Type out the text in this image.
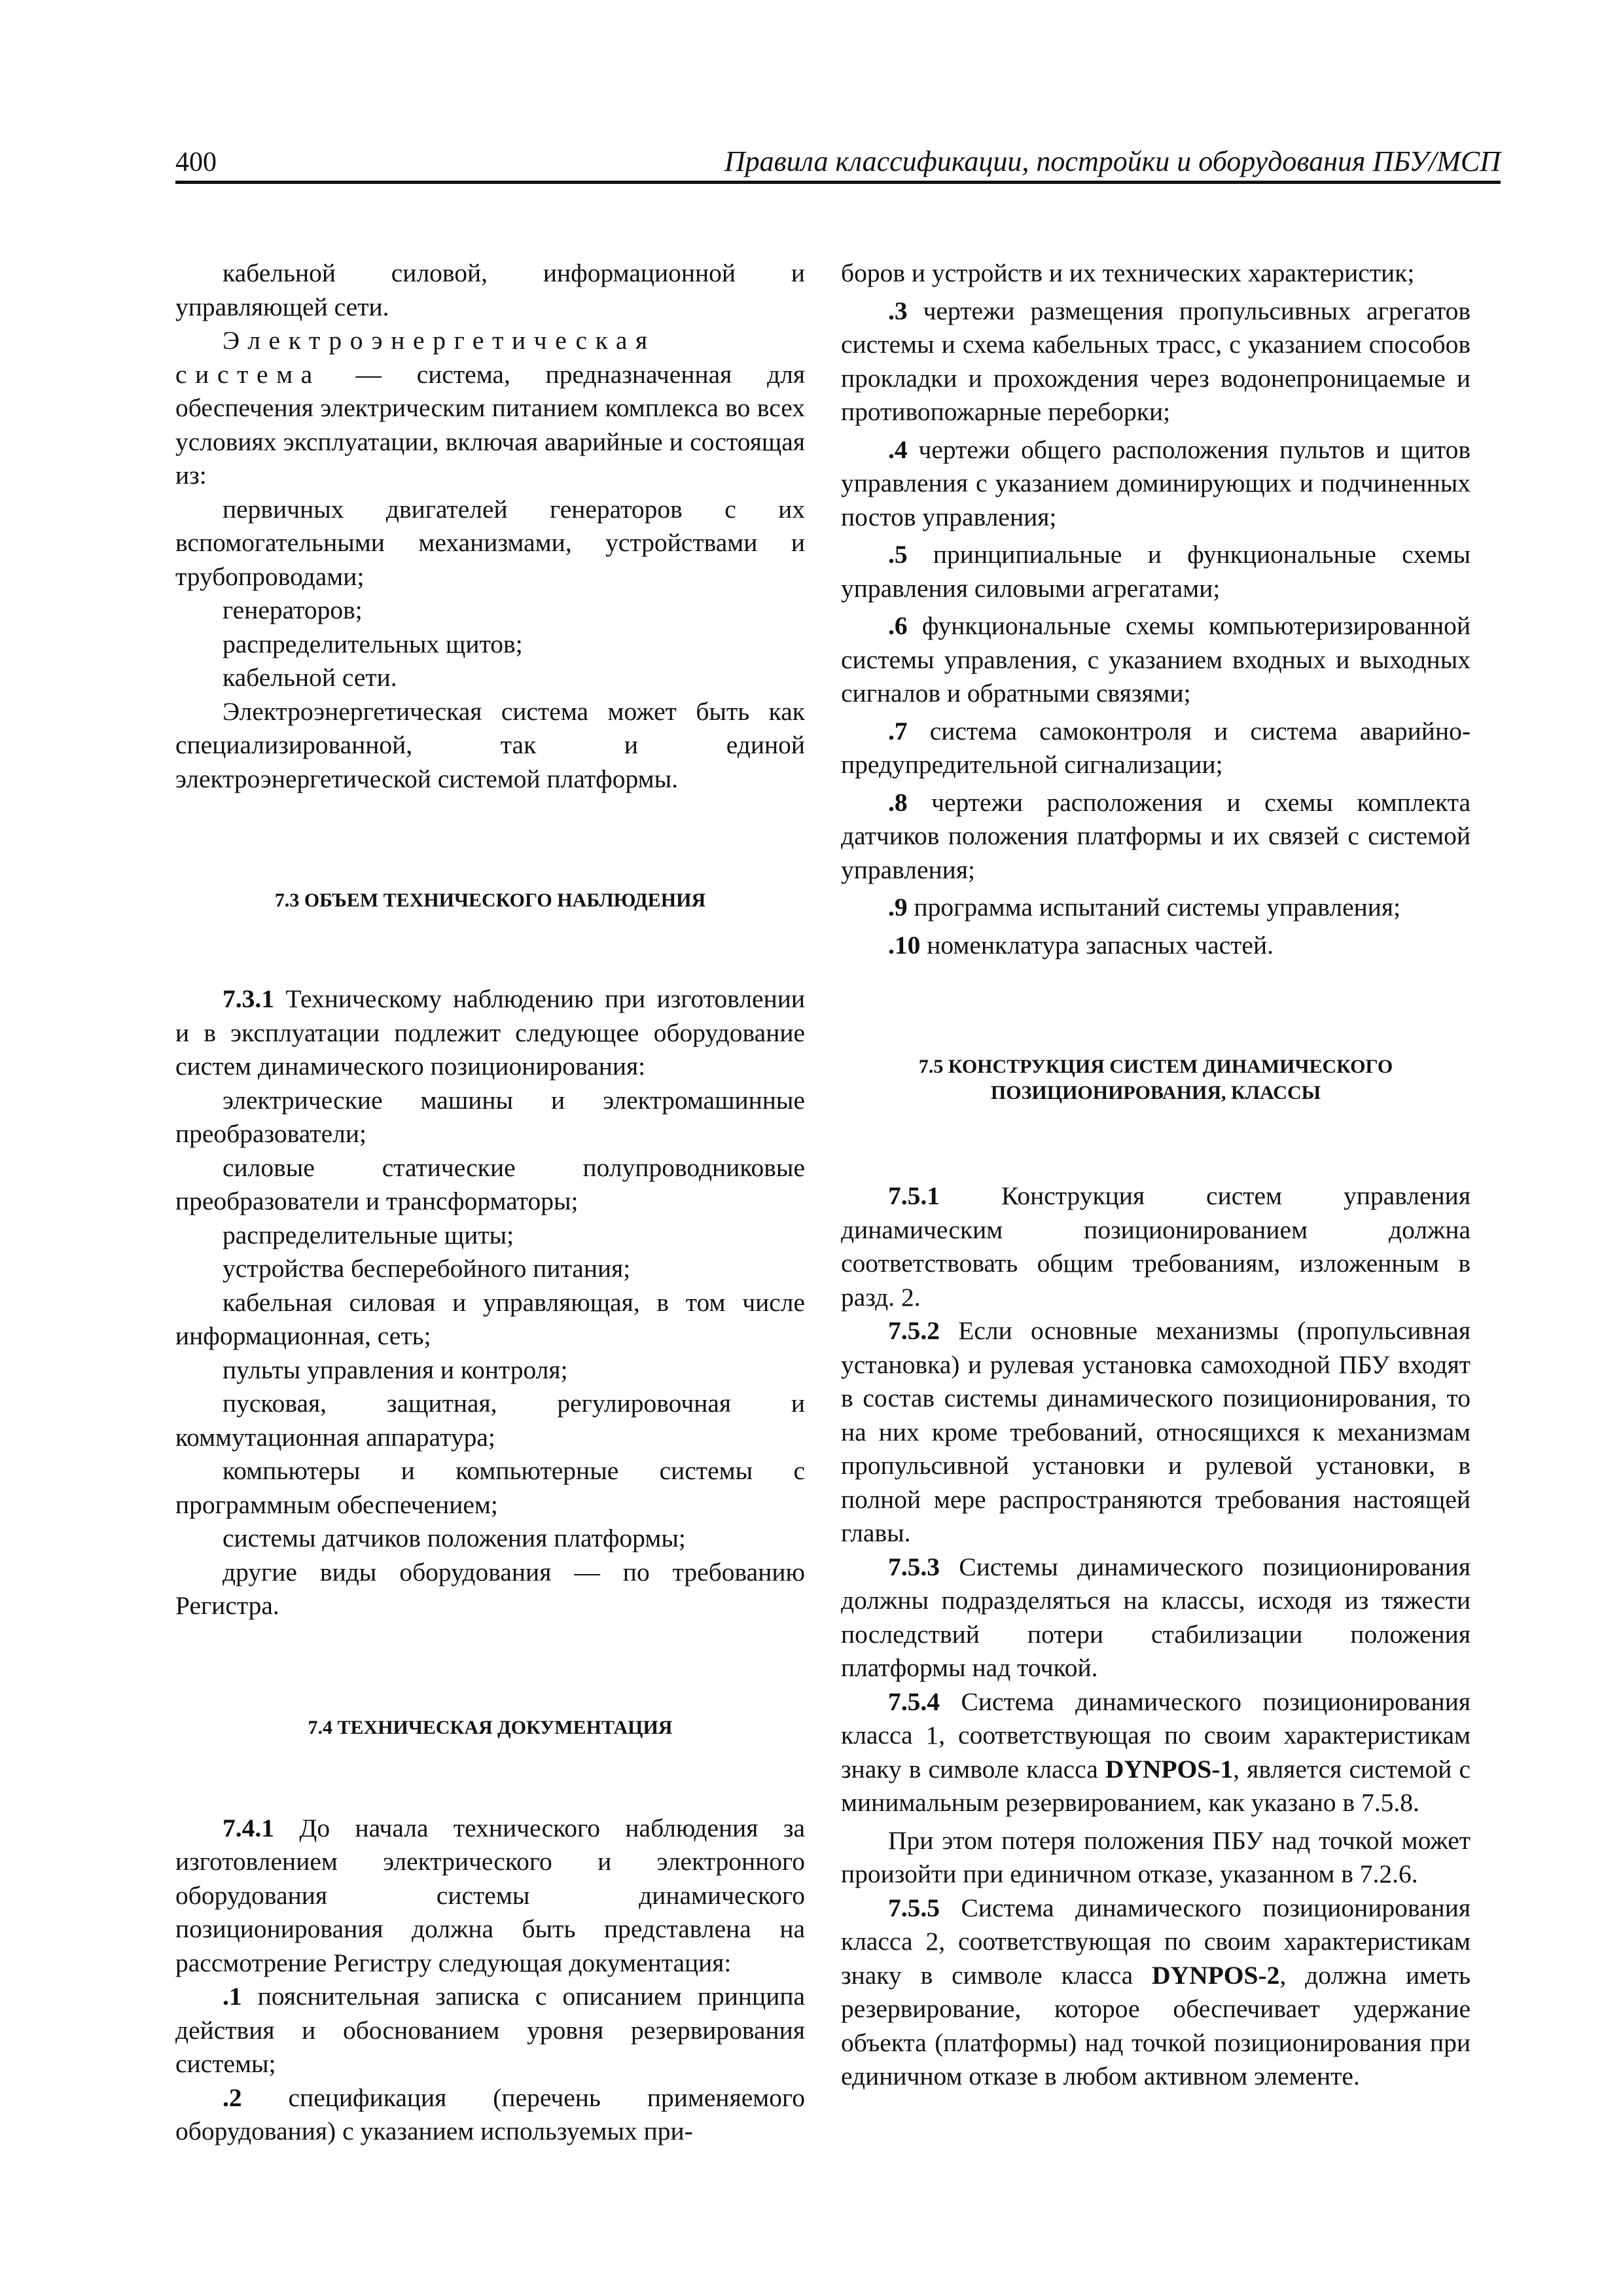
400	Правила классификации, постройки и оборудования ПБУ/МСП

кабельной силовой, информационной и управляющей сети.

Электроэнергетическая система — система, предназначенная для обеспечения электрическим питанием комплекса во всех условиях эксплуатации, включая аварийные и состоящая из:

первичных двигателей генераторов с их вспомогательными механизмами, устройствами и трубопроводами;

генераторов;

распределительных щитов;

кабельной сети.

Электроэнергетическая система может быть как специализированной, так и единой электроэнергетической системой платформы.

7.3 ОБЪЕМ ТЕХНИЧЕСКОГО НАБЛЮДЕНИЯ

7.3.1 Техническому наблюдению при изготовлении и в эксплуатации подлежит следующее оборудование систем динамического позиционирования:

электрические машины и электромашинные преобразователи;

силовые статические полупроводниковые преобразователи и трансформаторы;

распределительные щиты;

устройства бесперебойного питания;

кабельная силовая и управляющая, в том числе информационная, сеть;

пульты управления и контроля;

пусковая, защитная, регулировочная и коммутационная аппаратура;

компьютеры и компьютерные системы с программным обеспечением;

системы датчиков положения платформы;

другие виды оборудования — по требованию Регистра.

7.4 ТЕХНИЧЕСКАЯ ДОКУМЕНТАЦИЯ

7.4.1 До начала технического наблюдения за изготовлением электрического и электронного оборудования системы динамического позиционирования должна быть представлена на рассмотрение Регистру следующая документация:

.1 пояснительная записка с описанием принципа действия и обоснованием уровня резервирования системы;

.2 спецификация (перечень применяемого оборудования) с указанием используемых при-

боров и устройств и их технических характеристик;

.3 чертежи размещения пропульсивных агрегатов системы и схема кабельных трасс, с указанием способов прокладки и прохождения через водонепроницаемые и противопожарные переборки;

.4 чертежи общего расположения пультов и щитов управления с указанием доминирующих и подчиненных постов управления;

.5 принципиальные и функциональные схемы управления силовыми агрегатами;

.6 функциональные схемы компьютеризированной системы управления, с указанием входных и выходных сигналов и обратными связями;

.7 система самоконтроля и система аварийно-предупредительной сигнализации;

.8 чертежи расположения и схемы комплекта датчиков положения платформы и их связей с системой управления;

.9 программа испытаний системы управления;

.10 номенклатура запасных частей.

7.5 КОНСТРУКЦИЯ СИСТЕМ ДИНАМИЧЕСКОГО
ПОЗИЦИОНИРОВАНИЯ, КЛАССЫ

7.5.1 Конструкция систем управления динамическим позиционированием должна соответствовать общим требованиям, изложенным в разд. 2.

7.5.2 Если основные механизмы (пропульсивная установка) и рулевая установка самоходной ПБУ входят в состав системы динамического позиционирования, то на них кроме требований, относящихся к механизмам пропульсивной установки и рулевой установки, в полной мере распространяются требования настоящей главы.

7.5.3 Системы динамического позиционирования должны подразделяться на классы, исходя из тяжести последствий потери стабилизации положения платформы над точкой.

7.5.4 Система динамического позиционирования класса 1, соответствующая по своим характеристикам знаку в символе класса DYNPOS-1, является системой с минимальным резервированием, как указано в 7.5.8.

При этом потеря положения ПБУ над точкой может произойти при единичном отказе, указанном в 7.2.6.

7.5.5 Система динамического позиционирования класса 2, соответствующая по своим характеристикам знаку в символе класса DYNPOS-2, должна иметь резервирование, которое обеспечивает удержание объекта (платформы) над точкой позиционирования при единичном отказе в любом активном элементе.
